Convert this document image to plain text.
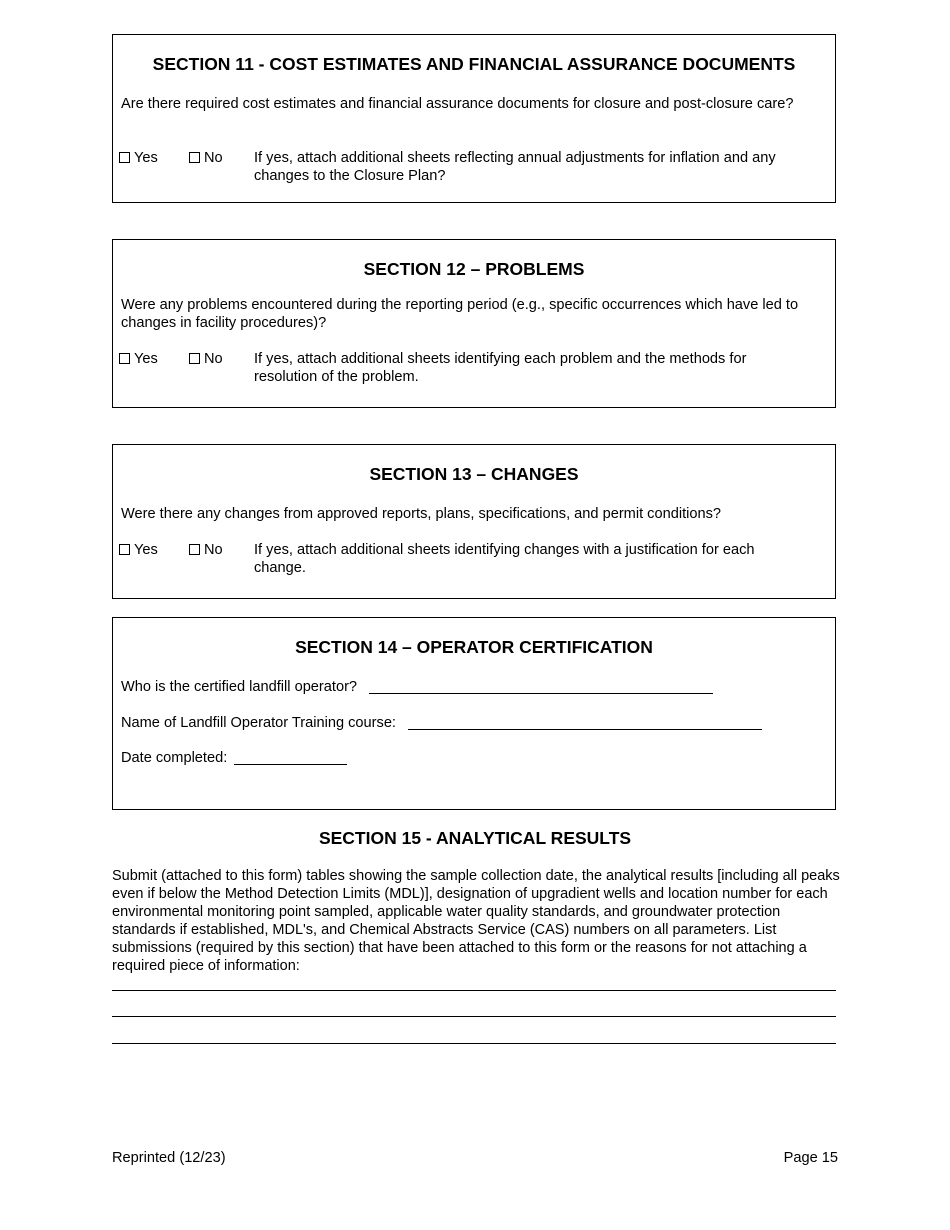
SECTION 11 - COST ESTIMATES AND FINANCIAL ASSURANCE DOCUMENTS
Are there required cost estimates and financial assurance documents for closure and post-closure care?
Yes	No If yes, attach additional sheets reflecting annual adjustments for inflation and any changes to the Closure Plan?
SECTION 12 – PROBLEMS
Were any problems encountered during the reporting period (e.g., specific occurrences which have led to changes in facility procedures)?
Yes	No If yes, attach additional sheets identifying each problem and the methods for resolution of the problem.
SECTION 13 – CHANGES
Were there any changes from approved reports, plans, specifications, and permit conditions?
Yes	No If yes, attach additional sheets identifying changes with a justification for each change.
SECTION 14 – OPERATOR CERTIFICATION
Who is the certified landfill operator?
Name of Landfill Operator Training course:
Date completed:
SECTION 15 - ANALYTICAL RESULTS
Submit (attached to this form) tables showing the sample collection date, the analytical results [including all peaks even if below the Method Detection Limits (MDL)], designation of upgradient wells and location number for each environmental monitoring point sampled, applicable water quality standards, and groundwater protection standards if established, MDL's, and Chemical Abstracts Service (CAS) numbers on all parameters. List submissions (required by this section) that have been attached to this form or the reasons for not attaching a required piece of information:
Reprinted (12/23)	Page 15
